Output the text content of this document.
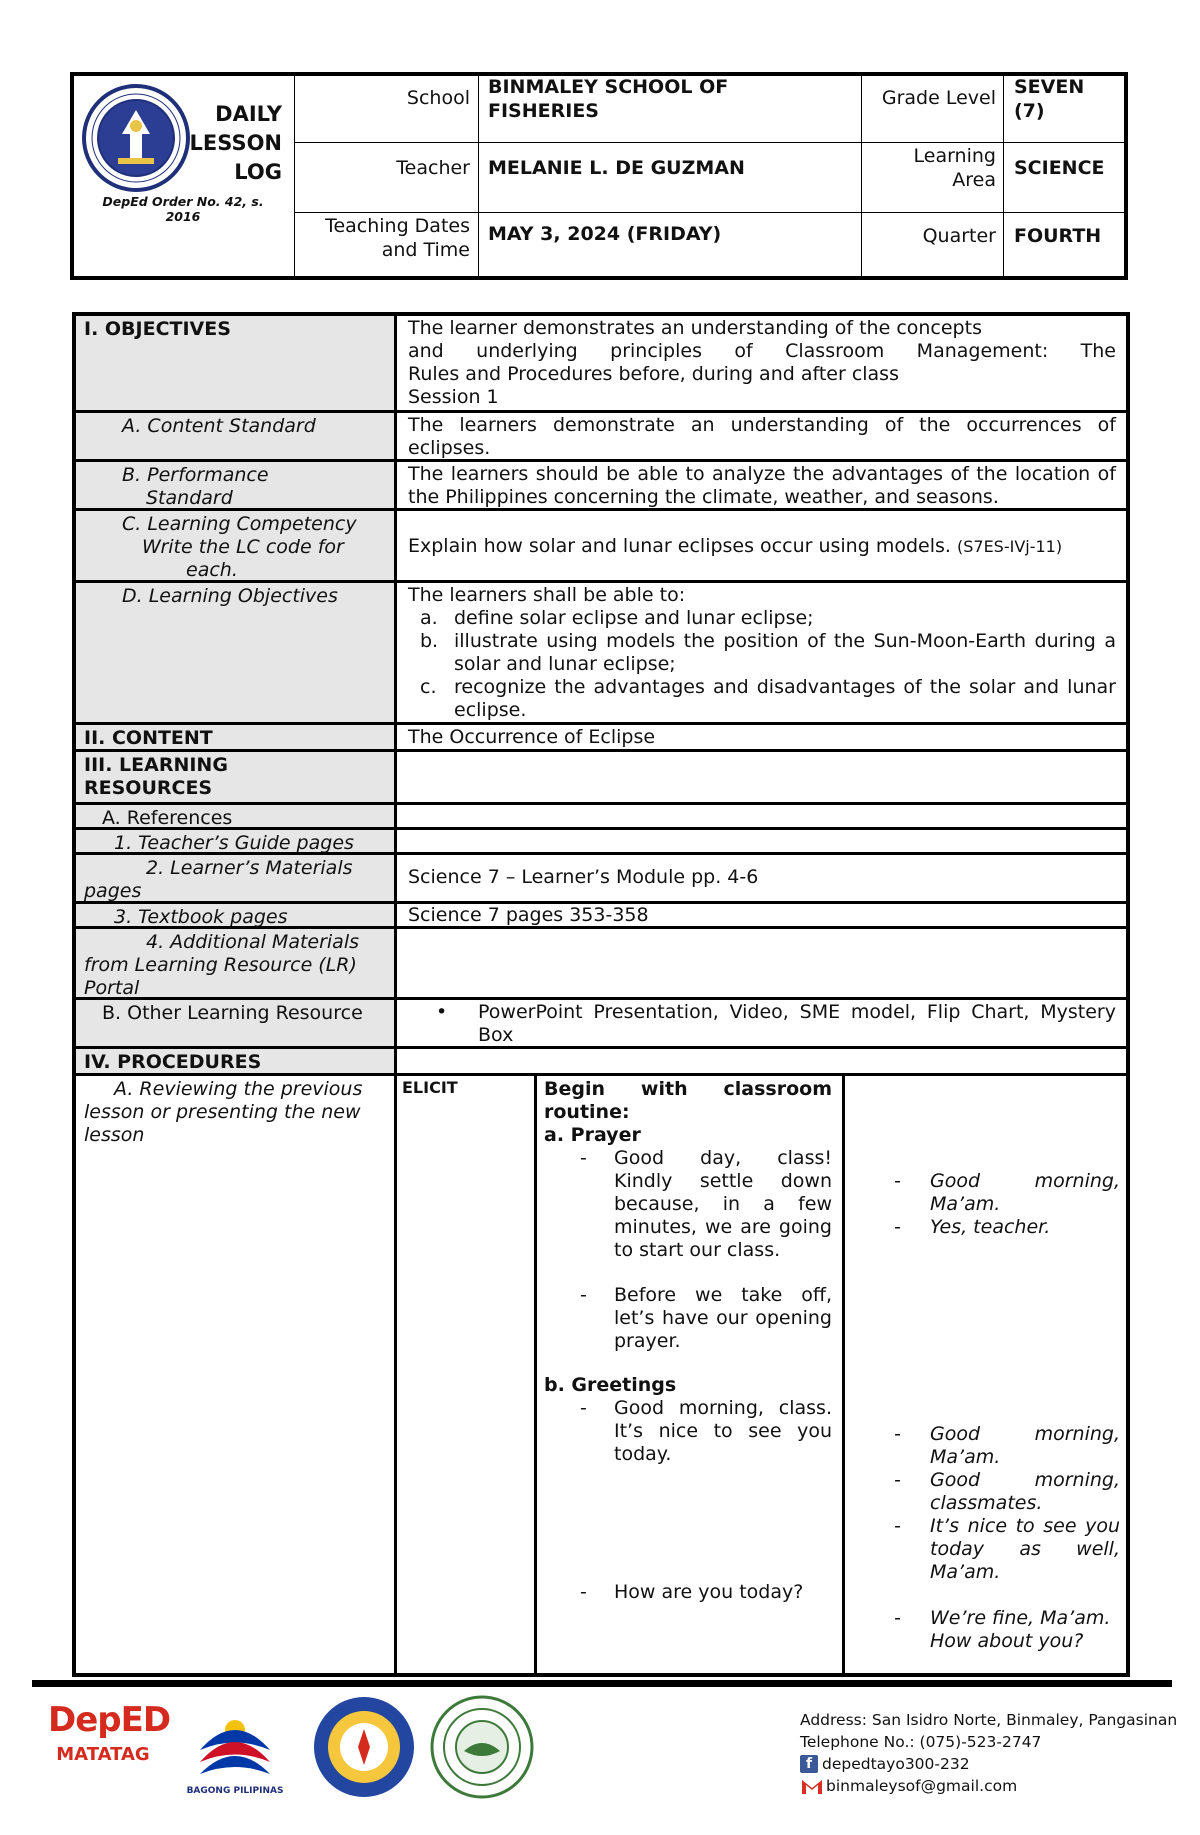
DAILY
LESSON
LOG
DepEd Order No. 42, s. 2016
School BINMALEY SCHOOL OF FISHERIES
Grade Level SEVEN
(7)
Teacher MELANIE L. DE GUZMAN
Learning
Area
SCIENCE
Teaching Dates
and Time
MAY 3, 2024 (FRIDAY)	Quarter FOURTH
I. OBJECTIVES
A. Content Standard
B. Performance
Standard
C. Learning Competency
Write the LC code for
each.
D. Learning Objectives
II. CONTENT
III. LEARNING
RESOURCES
A. References
1. Teacher’s Guide pages
2. Learner’s Materials
pages
3. Textbook pages
4. Additional Materials
from Learning Resource (LR)
Portal
B. Other Learning Resource
IV. PROCEDURES
A. Reviewing the previous
lesson or presenting the new
lesson
The learner demonstrates an understanding of the concepts
and underlying principles of Classroom Management: The
Rules and Procedures before, during and after class
Session 1
The learners demonstrate an understanding of the occurrences of eclipses.
The learners should be able to analyze the advantages of the location of the Philippines concerning the climate, weather, and seasons.
Explain how solar and lunar eclipses occur using models. (S7ES-IVj-11)
The learners shall be able to:
a. define solar eclipse and lunar eclipse;
b. illustrate using models the position of the Sun-Moon-Earth during a solar and lunar eclipse;
c. recognize the advantages and disadvantages of the solar and lunar eclipse.
The Occurrence of Eclipse
Science 7 – Learner’s Module pp. 4-6
Science 7 pages 353-358
• PowerPoint Presentation, Video, SME model, Flip Chart, Mystery Box
ELICIT	Begin with classroom
routine:
a. Prayer
- Good day, class! Kindly settle down because, in a few minutes, we are going to start our class.
- Before we take off, let’s have our opening prayer.
b. Greetings
- Good morning, class. It’s nice to see you today.
- How are you today?
- Good morning, Ma’am.
- Yes, teacher.
- Good morning, Ma’am.
- Good morning, classmates.
- It’s nice to see you today as well, Ma’am.
- We’re fine, Ma’am. How about you?
DepED
MATATAG
BAGONG PILIPINAS
Address: San Isidro Norte, Binmaley, Pangasinan
Telephone No.: (075)-523-2747
f depedtayo300-232
binmaleysof@gmail.com
